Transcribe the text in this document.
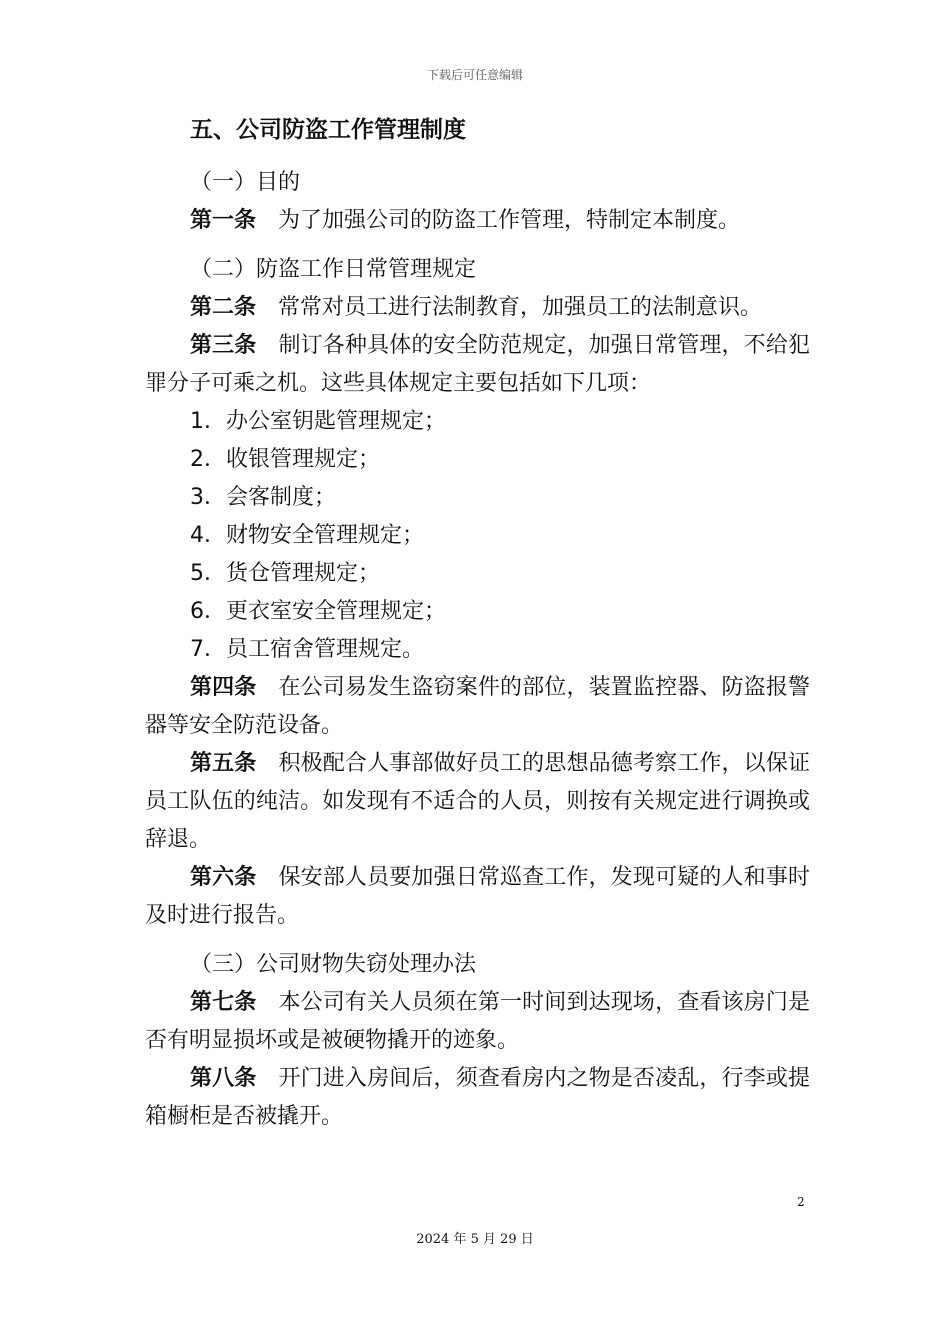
下载后可任意编辑
五、公司防盗工作管理制度
（一）目的

第一条 为了加强公司的防盗工作管理，特制定本制度。

（二）防盗工作日常管理规定

第二条 常常对员工进行法制教育，加强员工的法制意识。

第三条 制订各种具体的安全防范规定，加强日常管理，不给犯罪分子可乘之机。这些具体规定主要包括如下几项：

1．办公室钥匙管理规定；
2．收银管理规定；
3．会客制度；
4．财物安全管理规定；
5．货仓管理规定；
6．更衣室安全管理规定；
7．员工宿舍管理规定。

第四条 在公司易发生盗窃案件的部位，装置监控器、防盗报警器等安全防范设备。

第五条 积极配合人事部做好员工的思想品德考察工作，以保证员工队伍的纯洁。如发现有不适合的人员，则按有关规定进行调换或辞退。

第六条 保安部人员要加强日常巡查工作，发现可疑的人和事时及时进行报告。

（三）公司财物失窃处理办法

第七条 本公司有关人员须在第一时间到达现场，查看该房门是否有明显损坏或是被硬物撬开的迹象。

第八条 开门进入房间后，须查看房内之物是否凌乱，行李或提箱橱柜是否被撬开。

2
2024 年 5 月 29 日
